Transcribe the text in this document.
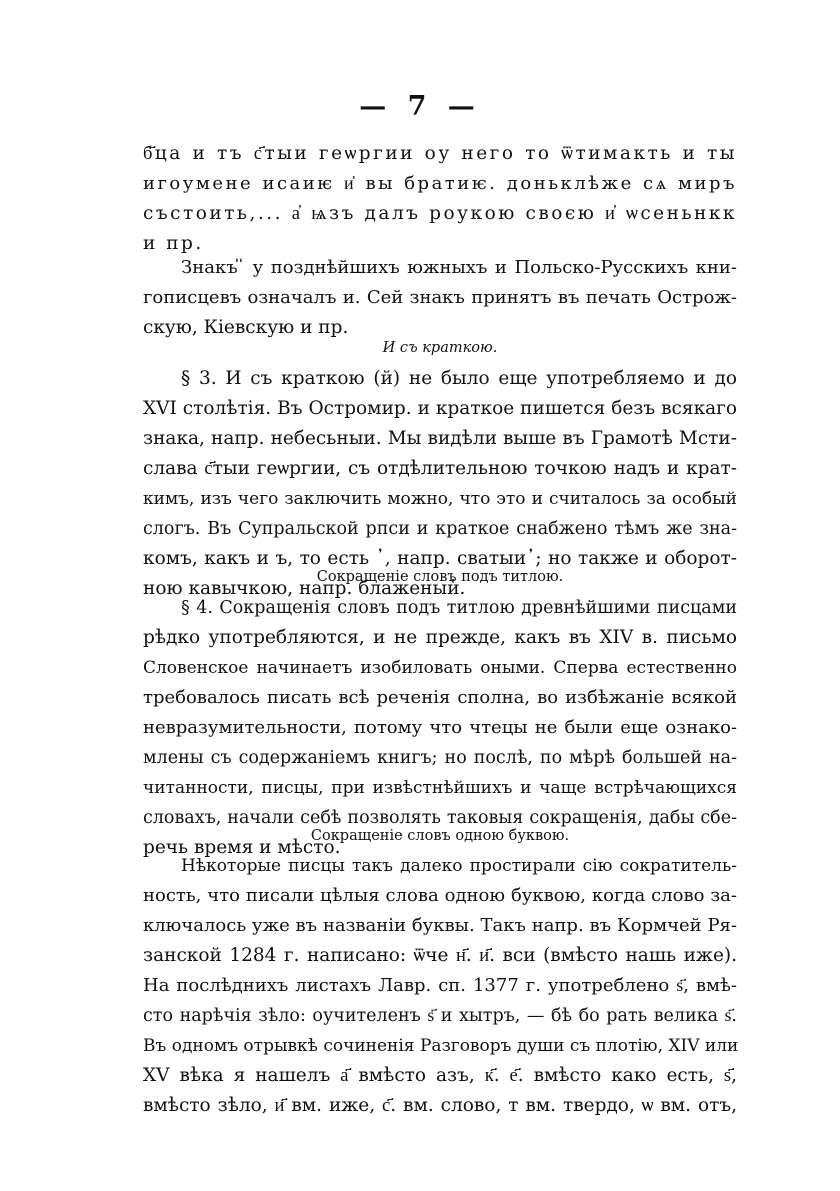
— 7 —
б҃ца и тъ с҃тыи геѡргии оу него то ѿтимакть и ты
игоумене исаиѥ и҆ вы братиѥ. доньклѣже сѧ миръ
състоить,... а҆ ѩзъ далъ роукою своєю и҆ ѡсеньнкк
и пр.
Знакъ ̎ у позднѣйшихъ южныхъ и Польско-Русскихъ кни-
гописцевъ означалъ и. Сей знакъ принятъ въ печать Острож-
скую, Кіевскую и пр.
И съ краткою.
§ 3. И съ краткою (й) не было еще употребляемо и до
XVI столѣтія. Въ Остромир. и краткое пишется безъ всякаго
знака, напр. небесьныи. Мы видѣли выше въ Грамотѣ Мсти-
слава с҃тыи геѡргии, съ отдѣлительною точкою надъ и крат-
кимъ, изъ чего заключить можно, что это и считалось за особый
слогъ. Въ Супральской рпси и краткое снабжено тѣмъ же зна-
комъ, какъ и ъ, то есть ᾿, напр. сватыи᾿; но также и оборот-
ною кавычкою, напр. блаженыи̔.
Сокращеніе словъ подъ титлою.
§ 4. Сокращенія словъ подъ титлою древнѣйшими писцами
рѣдко употребляются, и не прежде, какъ въ XIV в. письмо
Словенское начинаетъ изобиловать оными. Сперва естественно
требовалось писать всѣ реченія сполна, во избѣжаніе всякой
невразумительности, потому что чтецы не были еще ознако-
млены съ содержаніемъ книгъ; но послѣ, по мѣрѣ большей на-
читанности, писцы, при извѣстнѣйшихъ и чаще встрѣчающихся
словахъ, начали себѣ позволять таковыя сокращенія, дабы сбе-
речь время и мѣсто.
Сокращеніе словъ одною буквою.
Нѣкоторые писцы такъ далеко простирали сію сократитель-
ность, что писали цѣлыя слова одною буквою, когда слово за-
ключалось уже въ названіи буквы. Такъ напр. въ Кормчей Ря-
занской 1284 г. написано: ѿче н҃. и҃. вси (вмѣсто нашь иже).
На послѣднихъ листахъ Лавр. сп. 1377 г. употреблено ѕ҃, вмѣ-
сто нарѣчія зѣло: оучителенъ ѕ҃ и хытръ, — бѣ бо рать велика ѕ҃.
Въ одномъ отрывкѣ сочиненія Разговоръ души съ плотію, XIV или
XV вѣка я нашелъ а҃ вмѣсто азъ, к҃. е҃. вмѣсто како есть, ѕ҃,
вмѣсто зѣло, и҃ вм. иже, с҃. вм. слово, т вм. твердо, ѡ вм. отъ,
